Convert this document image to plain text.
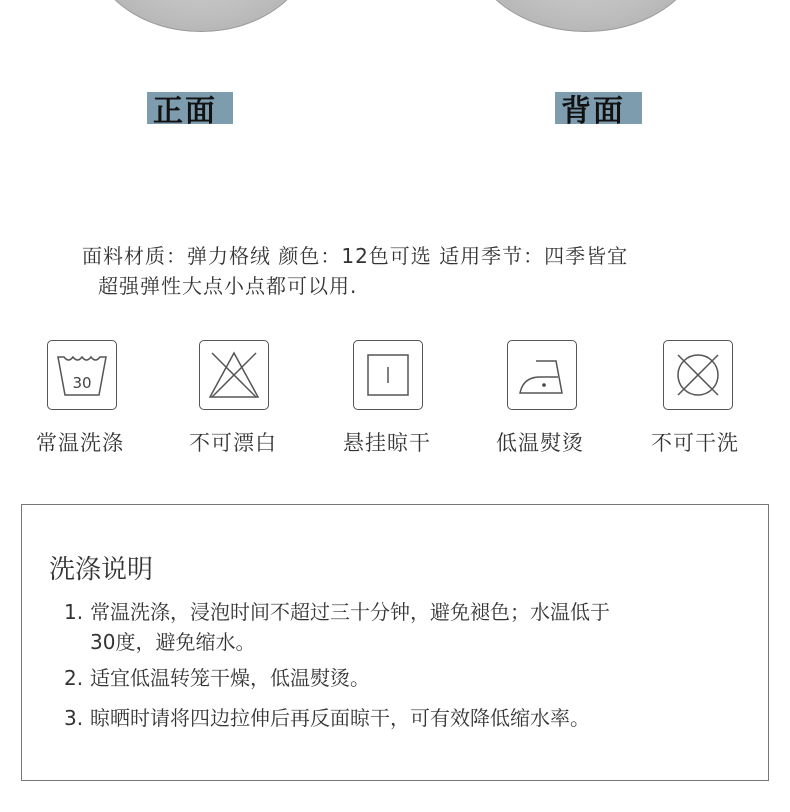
正面	背面
面料材质：弹力格绒 颜色：12色可选 适用季节：四季皆宜
超强弹性大点小点都可以用.
30
常温洗涤	不可漂白	悬挂晾干	低温熨烫	不可干洗
洗涤说明
1. 常温洗涤，浸泡时间不超过三十分钟，避免褪色；水温低于
30度，避免缩水。
2. 适宜低温转笼干燥，低温熨烫。
3. 晾晒时请将四边拉伸后再反面晾干，可有效降低缩水率。
